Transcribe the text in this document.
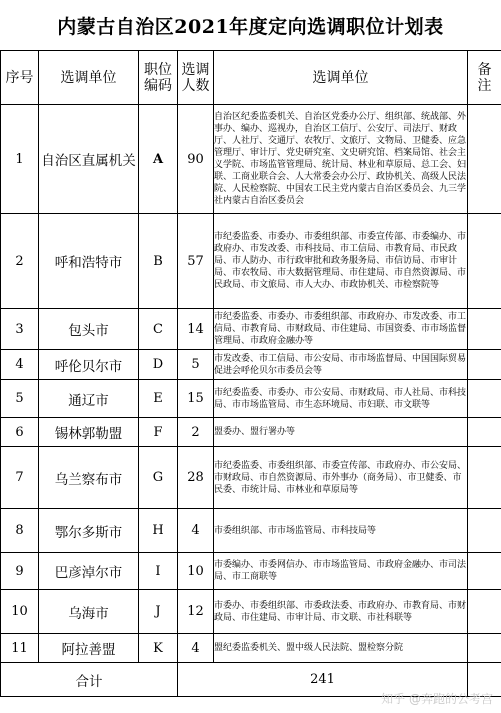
内蒙古自治区2021年度定向选调职位计划表
序号	选调单位	职位编码	选调人数	选调单位	备注

1	自治区直属机关	A	90	自治区纪委监委机关、自治区党委办公厅、组织部、统战部、外事办、编办、巡视办，自治区工信厅、公安厅、司法厅、财政厅、人社厅、交通厅、农牧厅、文旅厅、文物局、卫健委、应急管理厅、审计厅、党史研究室、文史研究馆、档案局馆、社会主义学院、市场监管管理局、统计局、林业和草原局、总工会、妇联、工商业联合会、人大常委会办公厅、政协机关、高级人民法院、人民检察院、中国农工民主党内蒙古自治区委员会、九三学社内蒙古自治区委员会	
2	呼和浩特市	B	57	市纪委监委、市委办、市委组织部、市委宣传部、市委编办、市政府办、市发改委、市科技局、市工信局、市教育局、市民政局、市人防办、市行政审批和政务服务局、市信访局、市审计局、市农牧局、市大数据管理局、市住建局、市自然资源局、市民政局、市文旅局、市人大办、市政协机关、市检察院等	
3	包头市	C	14	市纪委监委、市委办、市委组织部、市政府办、市发改委、市工信局、市教育局、市财政局、市住建局、市国资委、市市场监督管理局、市政府金融办等	
4	呼伦贝尔市	D	5	市发改委、市工信局、市公安局、市市场监督局、中国国际贸易促进会呼伦贝尔市委员会等	
5	通辽市	E	15	市纪委监委、市委办、市公安局、市财政局、市人社局、市科技局、市市场监管局、市生态环境局、市妇联、市文联等	
6	锡林郭勒盟	F	2	盟委办、盟行署办等	
7	乌兰察布市	G	28	市纪委监委、市委组织部、市委宣传部、市政府办、市公安局、市财政局、市自然资源局、市外事办（商务局）、市卫健委、市民委、市统计局、市林业和草原局等	
8	鄂尔多斯市	H	4	市委组织部、市市场监管局、市科技局等	
9	巴彦淖尔市	I	10	市委编办、市委网信办、市市场监管局、市政府金融办、市司法局、市工商联等	
10	乌海市	J	12	市委办、市委组织部、市委政法委、市政府办、市教育局、市财政局、市住建局、市审计局、市文联、市社科联等	
11	阿拉善盟	K	4	盟纪委监委机关、盟中级人民法院、盟检察分院	
合计			241		
知乎 @奔跑的公考宫
